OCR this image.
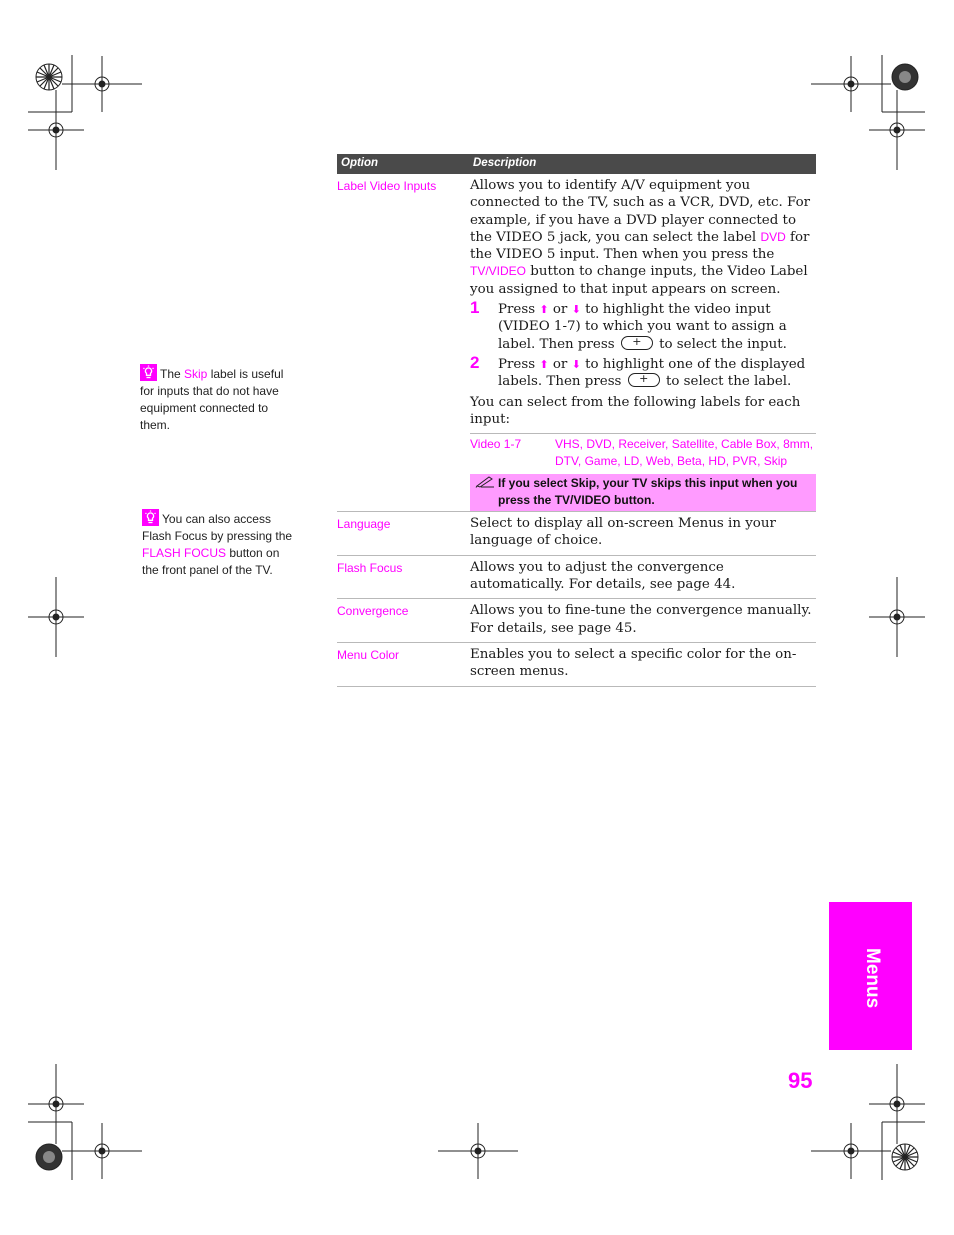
The Skip label is useful for inputs that do not have equipment connected to them.
You can also access Flash Focus by pressing the FLASH FOCUS button on the front panel of the TV.
Option	Description
Label Video Inputs	Allows you to identify A/V equipment you connected to the TV, such as a VCR, DVD, etc. For example, if you have a DVD player connected to the VIDEO 5 jack, you can select the label DVD for the VIDEO 5 input. Then when you press the TV/VIDEO button to change inputs, the Video Label you assigned to that input appears on screen.
1 Press ⬆ or ⬇ to highlight the video input (VIDEO 1-7) to which you want to assign a label. Then press +	to select the input.
2 Press ⬆ or ⬇ to highlight one of the displayed labels. Then press +	to select the label.
You can select from the following labels for each input:
Video 1-7	VHS, DVD, Receiver, Satellite, Cable Box, 8mm, DTV, Game, LD, Web, Beta, HD, PVR, Skip
If you select Skip, your TV skips this input when you press the TV/VIDEO button.
Language	Select to display all on-screen Menus in your language of choice.
Flash Focus	Allows you to adjust the convergence automatically. For details, see page 44.
Convergence	Allows you to fine-tune the convergence manually. For details, see page 45.
Menu Color	Enables you to select a specific color for the on-screen menus.
Menus
95
